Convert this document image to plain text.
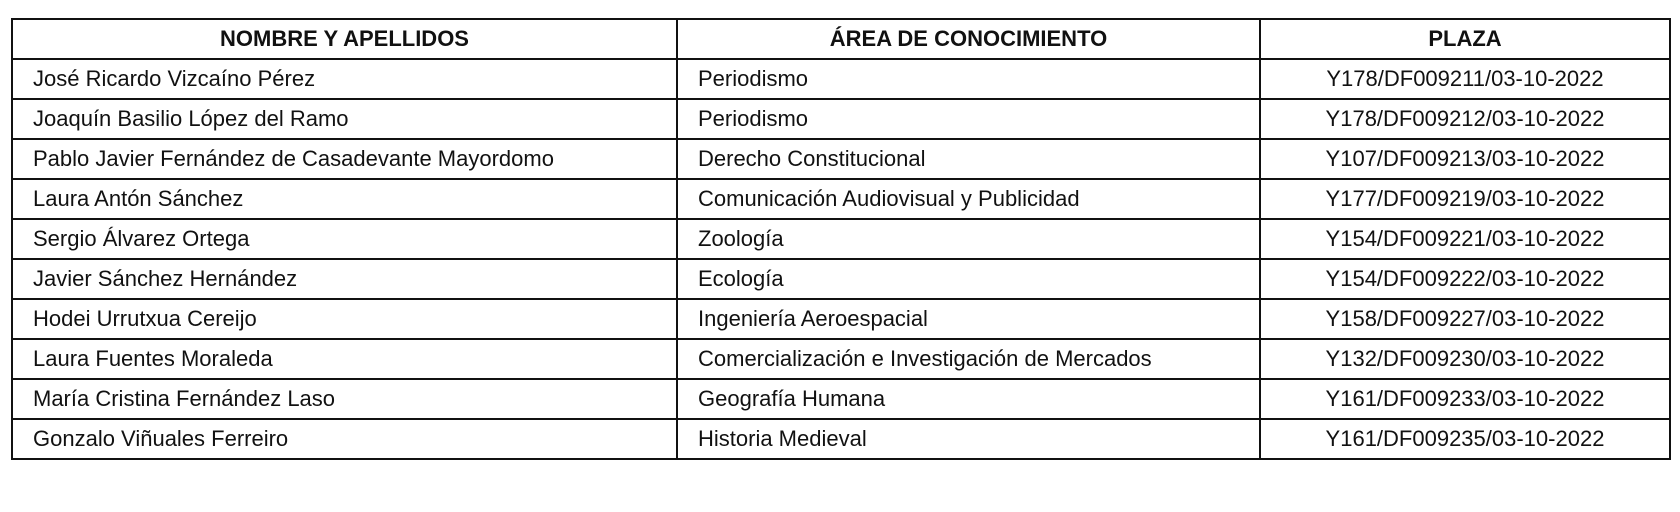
NOMBRE Y APELLIDOS	ÁREA DE CONOCIMIENTO	PLAZA
José Ricardo Vizcaíno Pérez	Periodismo	Y178/DF009211/03-10-2022
Joaquín Basilio López del Ramo	Periodismo	Y178/DF009212/03-10-2022
Pablo Javier Fernández de Casadevante Mayordomo	Derecho Constitucional	Y107/DF009213/03-10-2022
Laura Antón Sánchez	Comunicación Audiovisual y Publicidad	Y177/DF009219/03-10-2022
Sergio Álvarez Ortega	Zoología	Y154/DF009221/03-10-2022
Javier Sánchez Hernández	Ecología	Y154/DF009222/03-10-2022
Hodei Urrutxua Cereijo	Ingeniería Aeroespacial	Y158/DF009227/03-10-2022
Laura Fuentes Moraleda	Comercialización e Investigación de Mercados	Y132/DF009230/03-10-2022
María Cristina Fernández Laso	Geografía Humana	Y161/DF009233/03-10-2022
Gonzalo Viñuales Ferreiro	Historia Medieval	Y161/DF009235/03-10-2022
